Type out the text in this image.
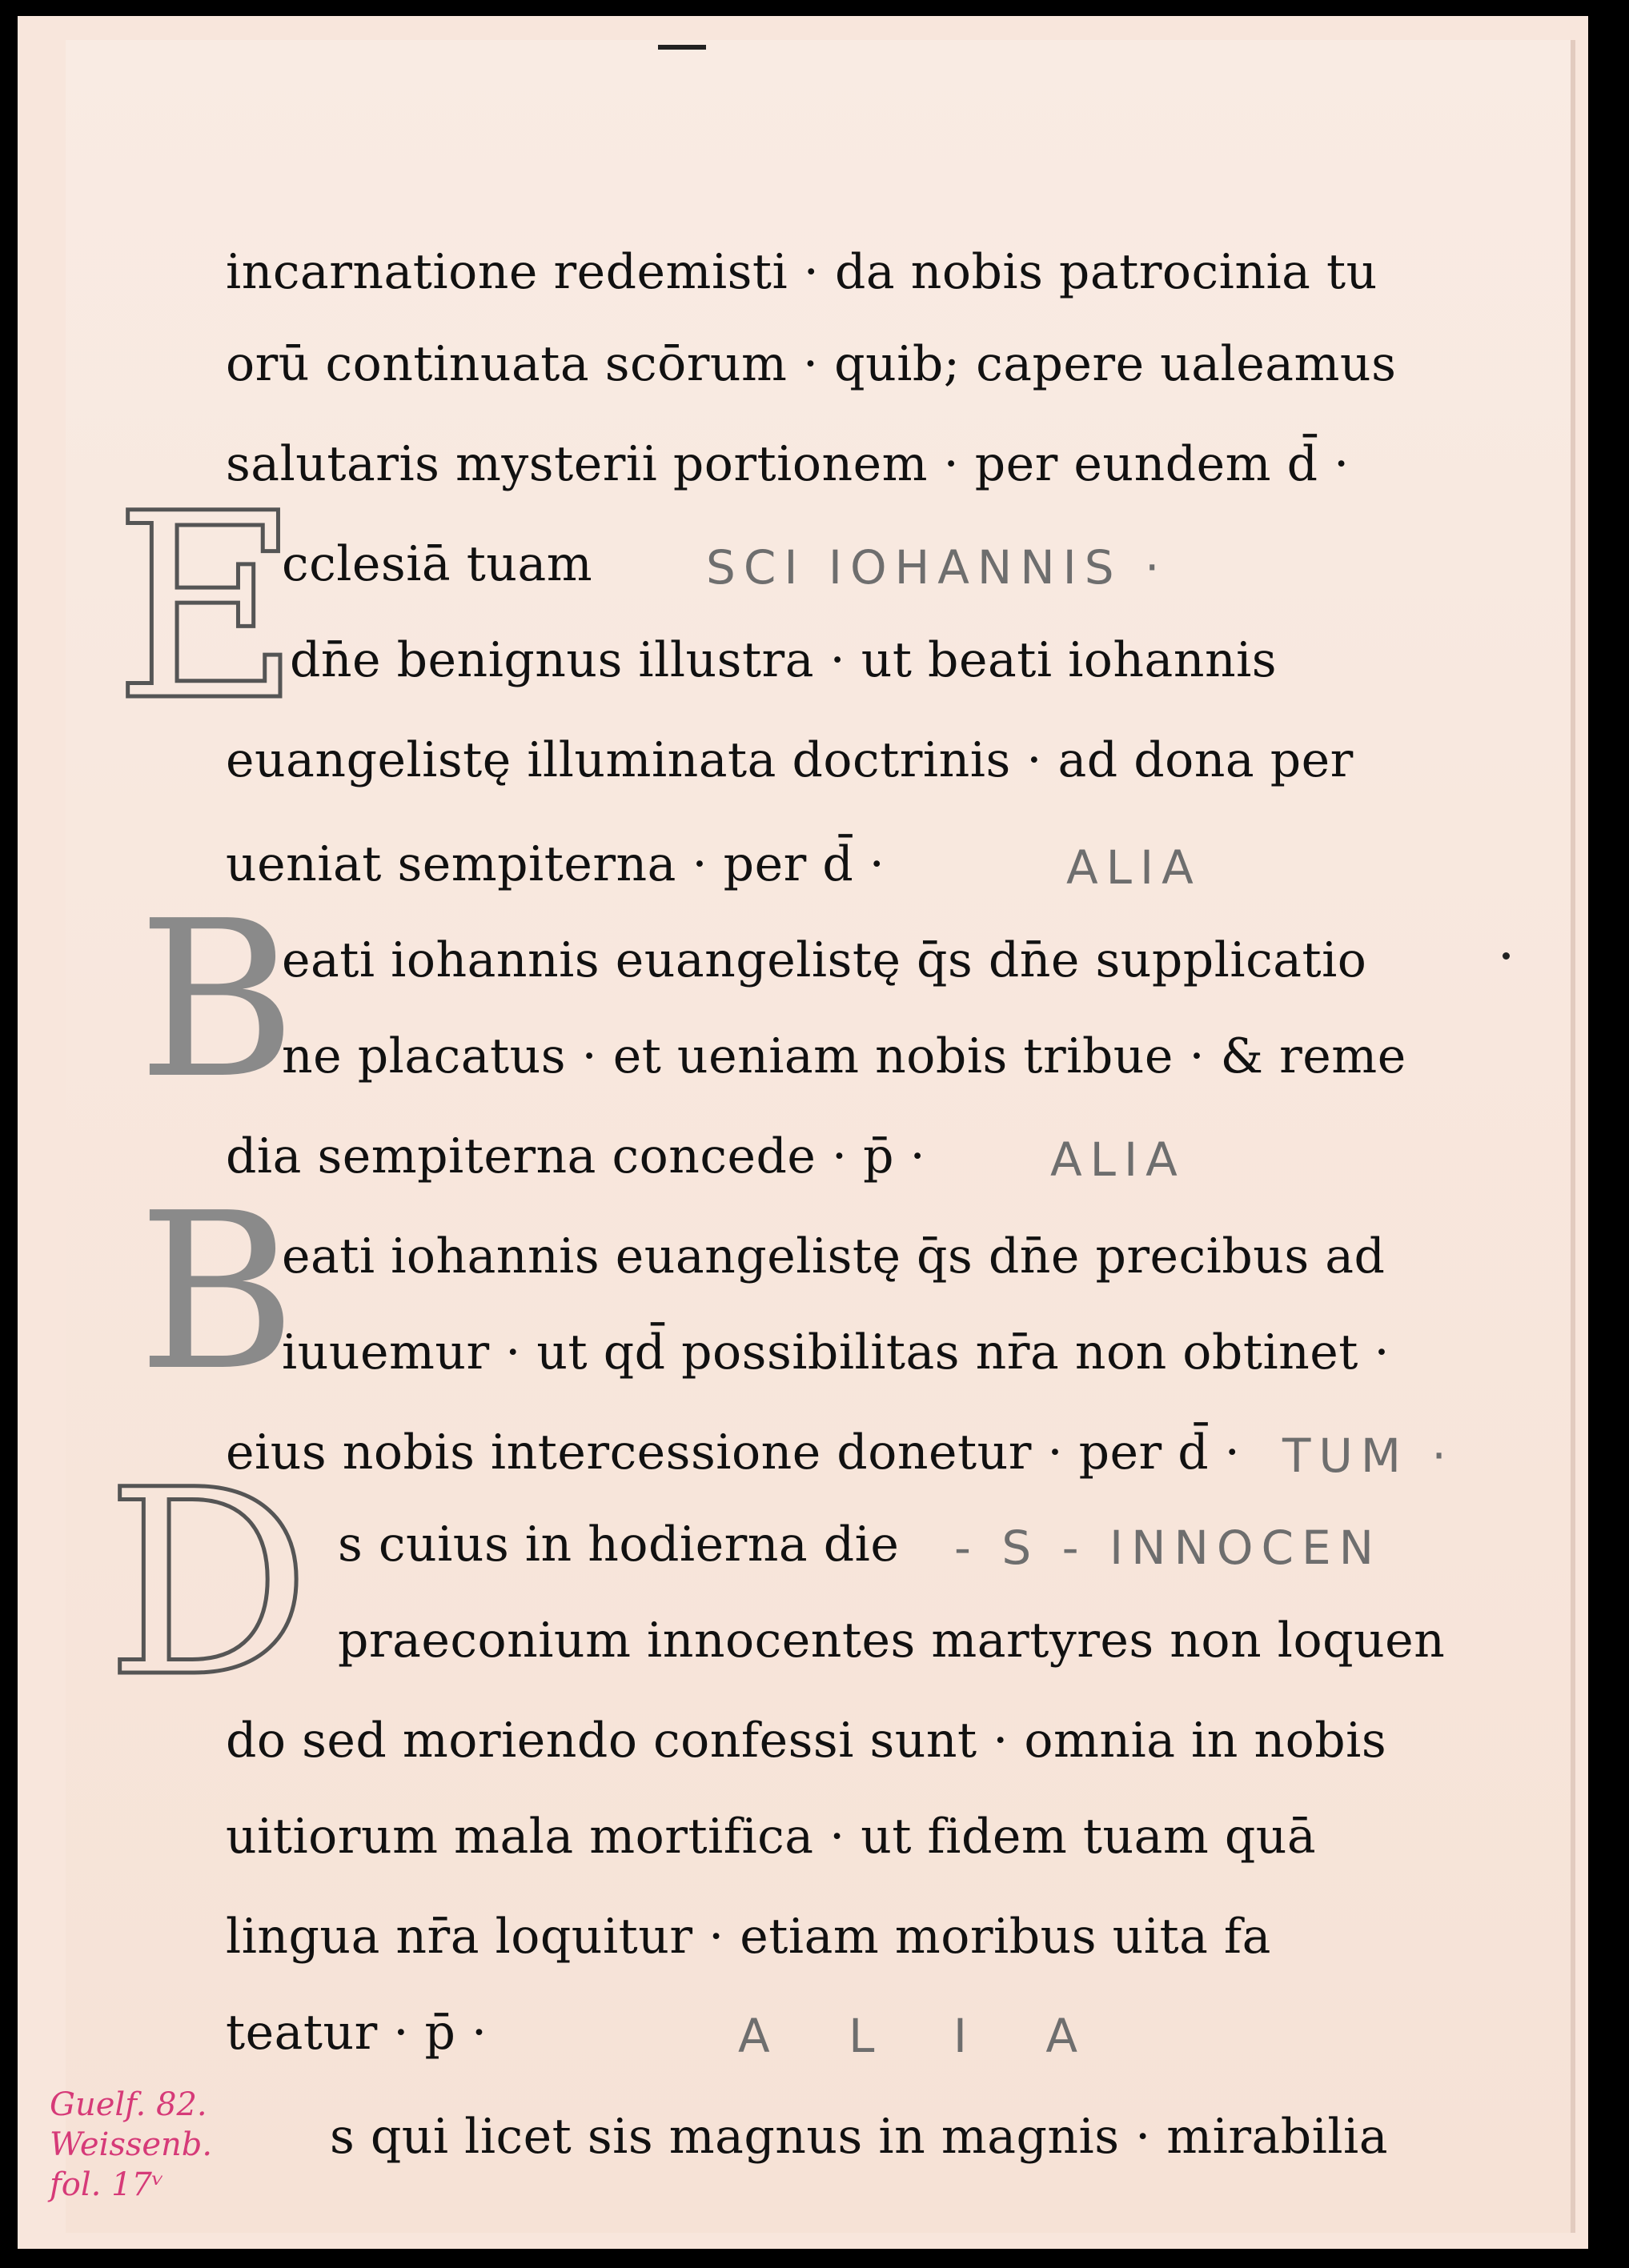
E
B
B
D
incarnatione redemisti · da nobis patrocinia tu
orū continuata scōrum · quib; capere ualeamus
salutaris mysterii portionem · per eundem d̄ ·
cclesiā tuam
dn̄e benignus illustra · ut beati iohannis
euangelistę illuminata doctrinis · ad dona per
ueniat sempiterna · per d̄ ·
eati iohannis euangelistę q̄s dn̄e supplicatio
ne placatus · et ueniam nobis tribue · & reme
dia sempiterna concede · p̄ ·
eati iohannis euangelistę q̄s dn̄e precibus ad
iuuemur · ut qd̄ possibilitas nr̄a non obtinet ·
eius nobis intercessione donetur · per d̄ ·
s cuius in hodierna die
praeconium innocentes martyres non loquen
do sed moriendo confessi sunt · omnia in nobis
uitiorum mala mortifica · ut fidem tuam quā
lingua nr̄a loquitur · etiam moribus uita fa
teatur · p̄ ·
s qui licet sis magnus in magnis · mirabilia
SCI IOHANNIS ·
ALIA
ALIA
TUM ·
- S - INNOCEN
A L I A
Guelf. 82.
Weissenb.
fol. 17ᵛ
